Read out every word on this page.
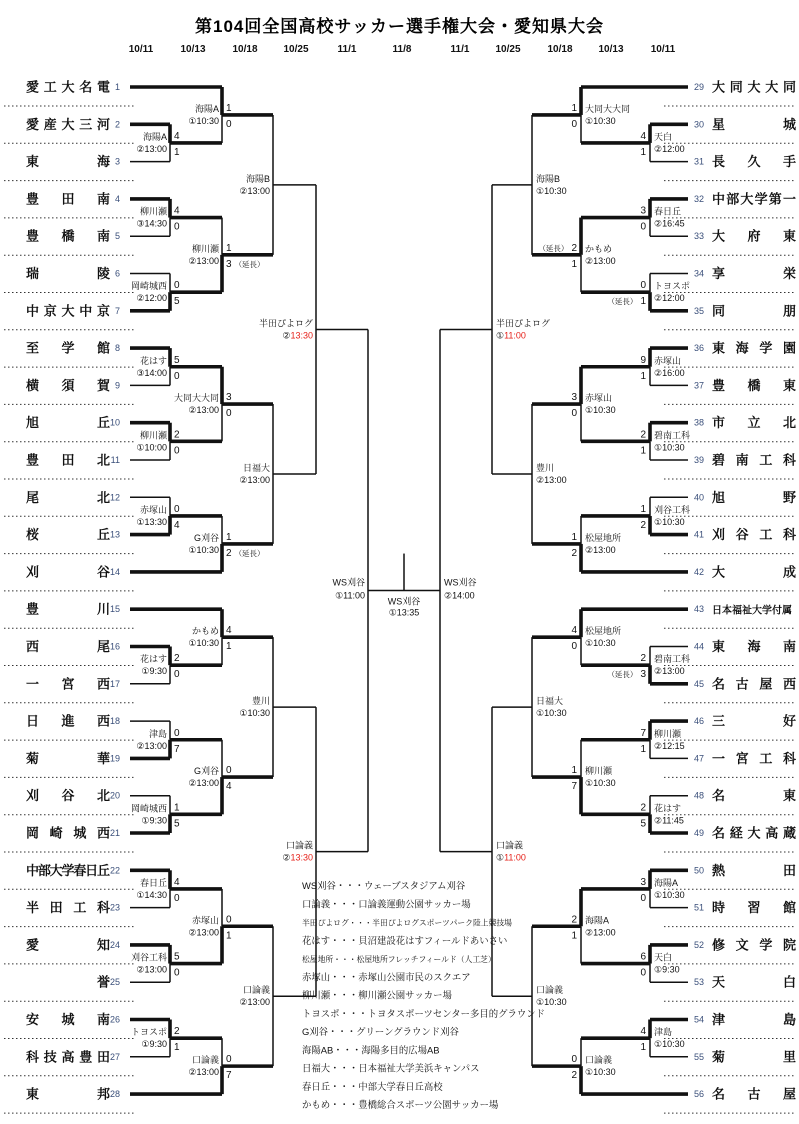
第104回全国高校サッカー選手権大会・愛知県大会
愛工大名電 1
愛産大三河 2
東海 3
豊田南 4
豊橋南 5
瑞陵 6
中京大中京 7
至学館 8
横須賀 9
旭丘 10
豊田北 11
尾北 12
桜丘 13
刈谷 14
豊川 15
西尾 16
一宮西 17
日進西 18
菊華 19
刈谷北 20
岡崎城西 21
中部大学春日丘 22
半田工科 23
愛知 24
誉 25
安城南 26
科技高豊田 27
東邦 28
海陽A
②13:00
4
1
柳川瀬
③14:30
4
0
岡崎城西
②12:00
0
5
花はす
③14:00
5
0
柳川瀬
①10:00
2
0
赤塚山
①13:30
0
4
花はす
①9:30
2
0
津島
②13:00
0
7
岡崎城西
①9:30
1
5
春日丘
①14:30
4
0
刈谷工科
②13:00
5
0
トヨスポ
①9:30
2
1
海陽A
①10:30
1
0
柳川瀬
②13:00
1
3 （延長）
大同大大同
②13:00
3
0
G刈谷
①10:30
1
2 （延長）
かもめ
①10:30
4
1
G刈谷
②13:00
0
4
赤塚山
②13:00
0
1
口論義
②13:00
0
7
海陽B
②13:00
日福大
②13:00
豊川
①10:30
口論義
②13:00
半田ぴよログ
②13:30
口論義
②13:30
大同大大同
29
星城
30
長久手
31
中部大学第一
32
大府東
33
享栄
34
同朋
35
東海学園
36
豊橋東
37
市立北
38
碧南工科
39
旭野
40
刈谷工科
41
大成
42
日本福祉大学付属
43
東海南
44
名古屋西
45
三好
46
一宮工科
47
名東
48
名経大高蔵
49
熱田
50
時習館
51
修文学院
52
天白
53
津島
54
菊里
55
名古屋
56
天白
②12:00
4
1
春日丘
②16:45
3
0
トヨスポ
②12:00
0
（延長） 1
赤塚山
②16:00
9
1
碧南工科
①10:30
2
1
刈谷工科
①10:30
1
2
碧南工科
②13:00
2
（延長） 3
柳川瀬
②12:15
7
1
花はす
②11:45
2
5
海陽A
①10:30
3
0
天白
①9:30
6
0
津島
①10:30
4
1
大同大大同
①10:30
1
0
かもめ
②13:00
（延長） 2
1
赤塚山
①10:30
3
0
松屋地所
②13:00
1
2
松屋地所
①10:30
4
0
柳川瀬
①10:30
1
7
海陽A
②13:00
2
1
口論義
①10:30
0
2
海陽B
①10:30
豊川
②13:00
日福大
①10:30
口論義
①10:30
半田ぴよログ
①11:00
口論義
①11:00
WS刈谷
①11:00
WS刈谷
②14:00
WS刈谷
①13:35
10/11	10/13	10/18	10/25	11/1	11/8	11/1	10/25	10/18	10/13	10/11
WS刈谷・・・ウェーブスタジアム刈谷
口論義・・・口論義運動公園サッカー場
半田ぴよログ・・・半田ぴよログスポーツパーク陸上競技場
花はす・・・貝沼建設花はすフィールドあいさい
松屋地所・・・松屋地所フレッチフィールド（人工芝）
赤塚山・・・赤塚山公園市民のスクエア
柳川瀬・・・柳川瀬公園サッカー場
トヨスポ・・・トヨタスポーツセンター多目的グラウンド
G刈谷・・・グリーングラウンド刈谷
海陽AB・・・海陽多目的広場AB
日福大・・・日本福祉大学美浜キャンパス
春日丘・・・中部大学春日丘高校
かもめ・・・豊橋総合スポーツ公園サッカー場
